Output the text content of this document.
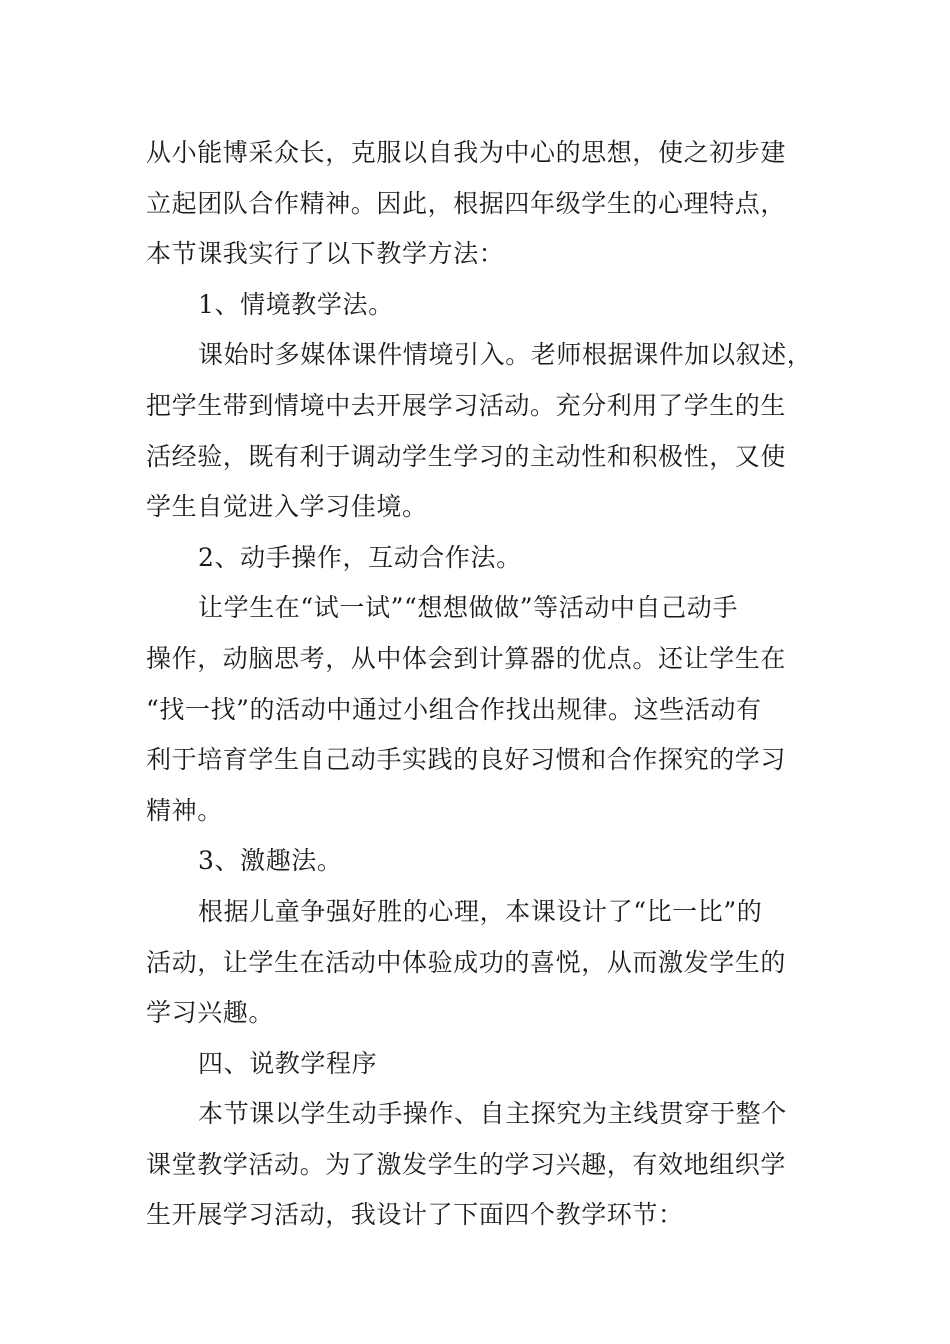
从小能博采众长，克服以自我为中心的思想，使之初步建
立起团队合作精神。因此，根据四年级学生的心理特点，
本节课我实行了以下教学方法：
1、情境教学法。
课始时多媒体课件情境引入。老师根据课件加以叙述，
把学生带到情境中去开展学习活动。充分利用了学生的生
活经验，既有利于调动学生学习的主动性和积极性，又使
学生自觉进入学习佳境。
2、动手操作，互动合作法。
让学生在“试一试”“想想做做”等活动中自己动手
操作，动脑思考，从中体会到计算器的优点。还让学生在
“找一找”的活动中通过小组合作找出规律。这些活动有
利于培育学生自己动手实践的良好习惯和合作探究的学习
精神。
3、激趣法。
根据儿童争强好胜的心理，本课设计了“比一比”的
活动，让学生在活动中体验成功的喜悦，从而激发学生的
学习兴趣。
四、说教学程序
本节课以学生动手操作、自主探究为主线贯穿于整个
课堂教学活动。为了激发学生的学习兴趣，有效地组织学
生开展学习活动，我设计了下面四个教学环节：
